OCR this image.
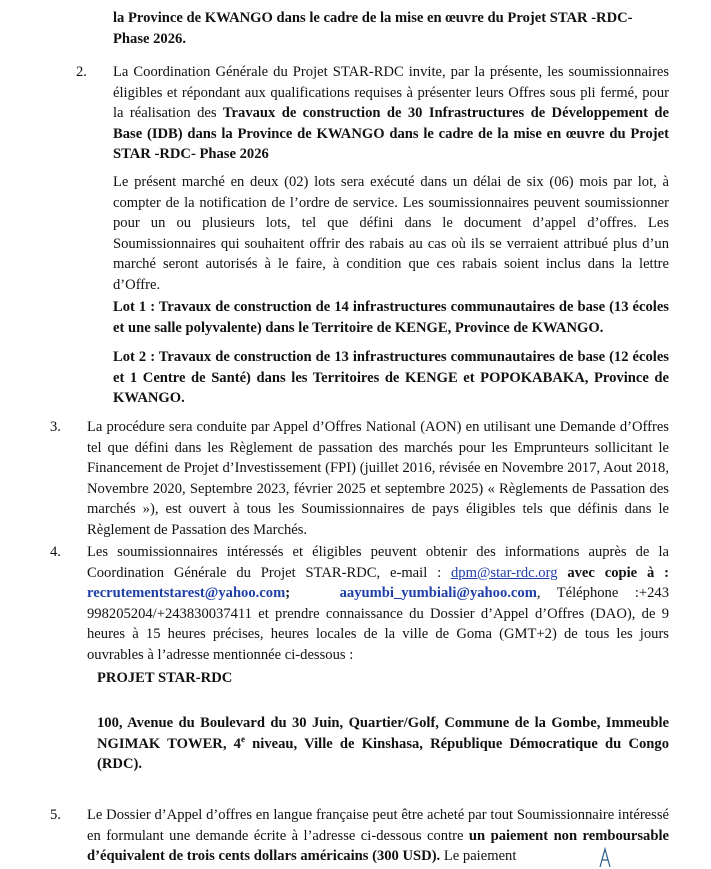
la Province de KWANGO dans le cadre de la mise en œuvre du Projet STAR -RDC-
Phase 2026.
2. La Coordination Générale du Projet STAR-RDC invite, par la présente, les soumissionnaires éligibles et répondant aux qualifications requises à présenter leurs Offres sous pli fermé, pour la réalisation des Travaux de construction de 30 Infrastructures de Développement de Base (IDB) dans la Province de KWANGO dans le cadre de la mise en œuvre du Projet STAR -RDC- Phase 2026
Le présent marché en deux (02) lots sera exécuté dans un délai de six (06) mois par lot, à compter de la notification de l’ordre de service. Les soumissionnaires peuvent soumissionner pour un ou plusieurs lots, tel que défini dans le document d’appel d’offres. Les Soumissionnaires qui souhaitent offrir des rabais au cas où ils se verraient attribué plus d’un marché seront autorisés à le faire, à condition que ces rabais soient inclus dans la lettre d’Offre.
Lot 1 : Travaux de construction de 14 infrastructures communautaires de base (13 écoles et une salle polyvalente) dans le Territoire de KENGE, Province de KWANGO.
Lot 2 : Travaux de construction de 13 infrastructures communautaires de base (12 écoles et 1 Centre de Santé) dans les Territoires de KENGE et POPOKABAKA, Province de KWANGO.
3. La procédure sera conduite par Appel d’Offres National (AON) en utilisant une Demande d’Offres tel que défini dans les Règlement de passation des marchés pour les Emprunteurs sollicitant le Financement de Projet d’Investissement (FPI) (juillet 2016, révisée en Novembre 2017, Aout 2018, Novembre 2020, Septembre 2023, février 2025 et septembre 2025) « Règlements de Passation des marchés »), est ouvert à tous les Soumissionnaires de pays éligibles tels que définis dans le Règlement de Passation des Marchés.
4. Les soumissionnaires intéressés et éligibles peuvent obtenir des informations auprès de la Coordination Générale du Projet STAR-RDC, e-mail : dpm@star-rdc.org avec copie à : recrutementstarest@yahoo.com;	aayumbi_yumbiali@yahoo.com, Téléphone :+243 998205204/+243830037411 et prendre connaissance du Dossier d’Appel d’Offres (DAO), de 9 heures à 15 heures précises, heures locales de la ville de Goma (GMT+2) de tous les jours ouvrables à l’adresse mentionnée ci-dessous :
PROJET STAR-RDC
100, Avenue du Boulevard du 30 Juin, Quartier/Golf, Commune de la Gombe, Immeuble NGIMAK TOWER, 4e niveau, Ville de Kinshasa, République Démocratique du Congo (RDC).
5. Le Dossier d’Appel d’offres en langue française peut être acheté par tout Soumissionnaire intéressé en formulant une demande écrite à l’adresse ci-dessous contre un paiement non remboursable d’équivalent de trois cents dollars américains (300 USD). Le paiement
